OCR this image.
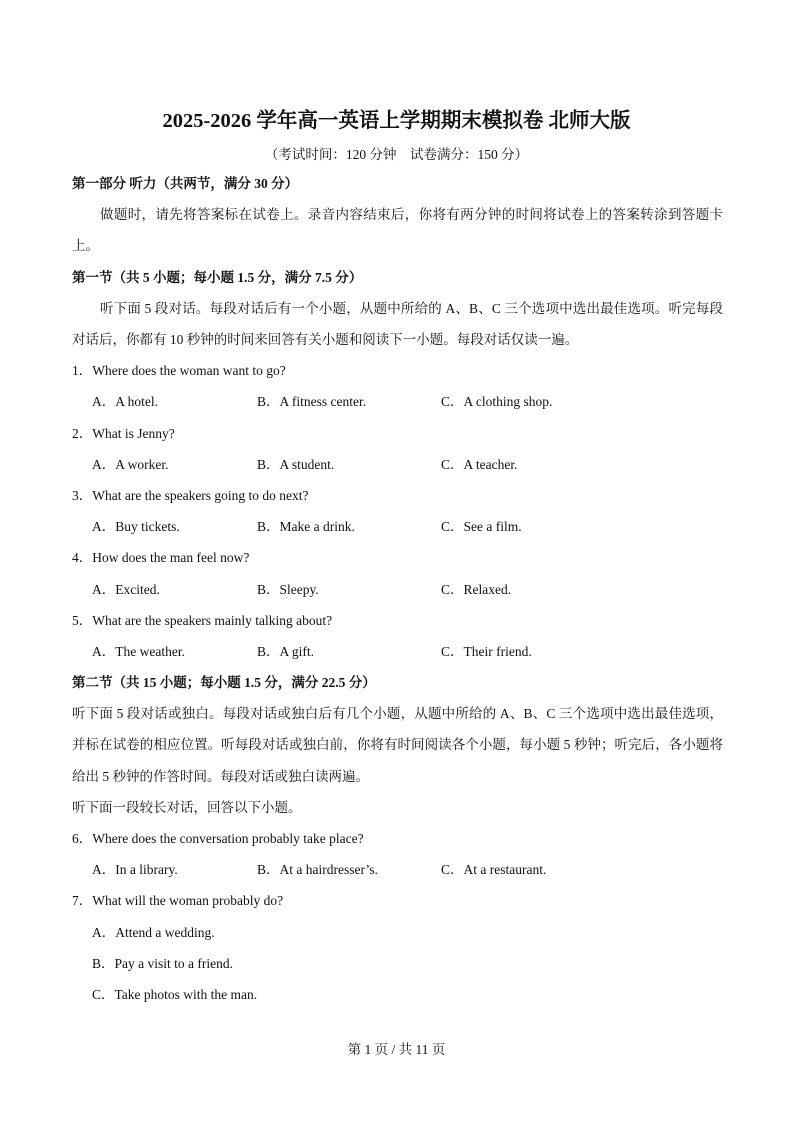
2025-2026 学年高一英语上学期期末模拟卷 北师大版
（考试时间：120 分钟　试卷满分：150 分）
第一部分 听力（共两节，满分 30 分）
做题时，请先将答案标在试卷上。录音内容结束后，你将有两分钟的时间将试卷上的答案转涂到答题卡上。
第一节（共 5 小题；每小题 1.5 分，满分 7.5 分）
听下面 5 段对话。每段对话后有一个小题，从题中所给的 A、B、C 三个选项中选出最佳选项。听完每段对话后，你都有 10 秒钟的时间来回答有关小题和阅读下一小题。每段对话仅读一遍。
1．Where does the woman want to go?
A．A hotel.	B．A fitness center.	C．A clothing shop.
2．What is Jenny?
A．A worker.	B．A student.	C．A teacher.
3．What are the speakers going to do next?
A．Buy tickets.	B．Make a drink.	C．See a film.
4．How does the man feel now?
A．Excited.	B．Sleepy.	C．Relaxed.
5．What are the speakers mainly talking about?
A．The weather.	B．A gift.	C．Their friend.
第二节（共 15 小题；每小题 1.5 分，满分 22.5 分）
听下面 5 段对话或独白。每段对话或独白后有几个小题，从题中所给的 A、B、C 三个选项中选出最佳选项，并标在试卷的相应位置。听每段对话或独白前，你将有时间阅读各个小题，每小题 5 秒钟；听完后，各小题将给出 5 秒钟的作答时间。每段对话或独白读两遍。
听下面一段较长对话，回答以下小题。
6．Where does the conversation probably take place?
A．In a library.	B．At a hairdresser’s.	C．At a restaurant.
7．What will the woman probably do?
A．Attend a wedding.
B．Pay a visit to a friend.
C．Take photos with the man.
第 1 页 / 共 11 页
